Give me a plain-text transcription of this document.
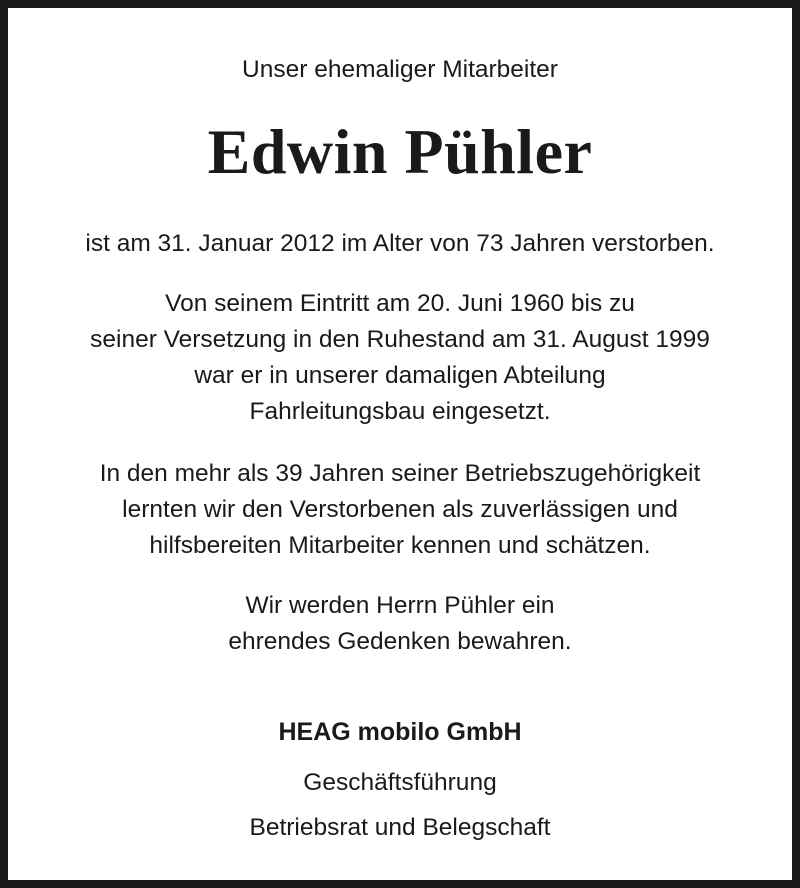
Unser ehemaliger Mitarbeiter
Edwin Pühler
ist am 31. Januar 2012 im Alter von 73 Jahren verstorben.
Von seinem Eintritt am 20. Juni 1960 bis zu
seiner Versetzung in den Ruhestand am 31. August 1999
war er in unserer damaligen Abteilung
Fahrleitungsbau eingesetzt.
In den mehr als 39 Jahren seiner Betriebszugehörigkeit
lernten wir den Verstorbenen als zuverlässigen und
hilfsbereiten Mitarbeiter kennen und schätzen.
Wir werden Herrn Pühler ein
ehrendes Gedenken bewahren.
HEAG mobilo GmbH
Geschäftsführung
Betriebsrat und Belegschaft
